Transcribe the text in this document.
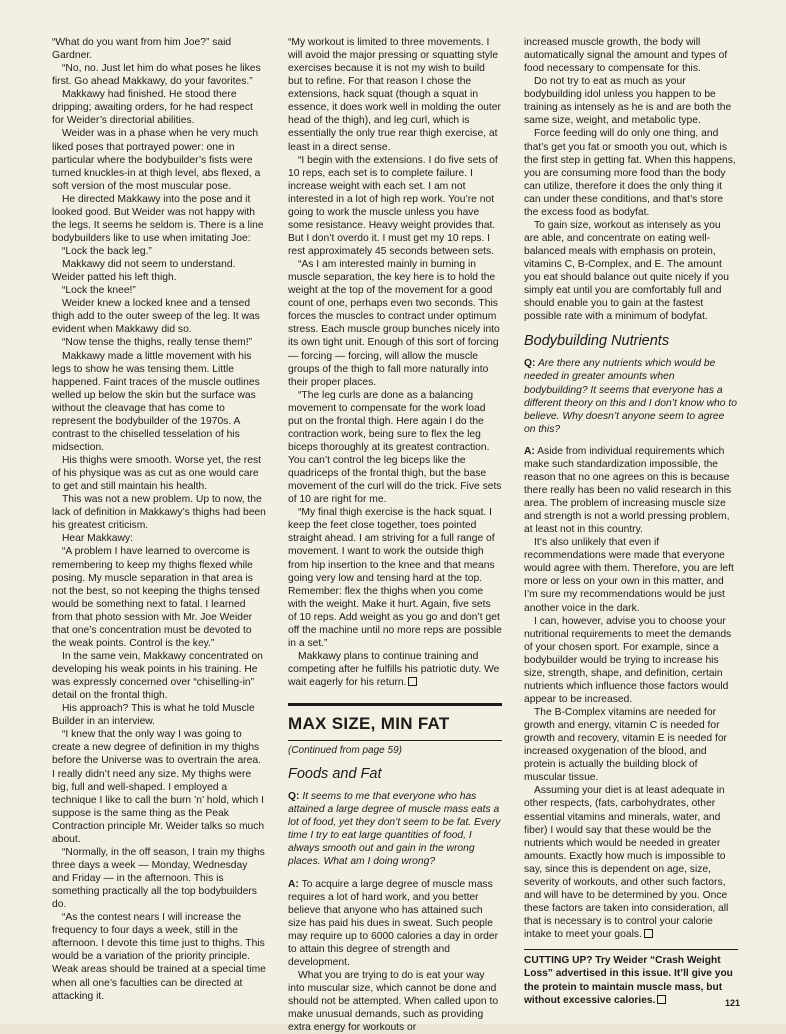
“What do you want from him Joe?” said Gardner.

“No, no. Just let him do what poses he likes first. Go ahead Makkawy, do your favorites.”

Makkawy had finished. He stood there dripping; awaiting orders, for he had respect for Weider’s directorial abilities.

Weider was in a phase when he very much liked poses that portrayed power: one in particular where the bodybuilder’s fists were turned knuckles-in at thigh level, abs flexed, a soft version of the most muscular pose.

He directed Makkawy into the pose and it looked good. But Weider was not happy with the legs. It seems he seldom is. There is a line bodybuilders like to use when imitating Joe:

“Lock the back leg.”

Makkawy did not seem to understand. Weider patted his left thigh.

“Lock the knee!”

Weider knew a locked knee and a tensed thigh add to the outer sweep of the leg. It was evident when Makkawy did so.

“Now tense the thighs, really tense them!”

Makkawy made a little movement with his legs to show he was tensing them. Little happened. Faint traces of the muscle outlines welled up below the skin but the surface was without the cleavage that has come to represent the bodybuilder of the 1970s. A contrast to the chiselled tesselation of his midsection.

His thighs were smooth. Worse yet, the rest of his physique was as cut as one would care to get and still maintain his health.

This was not a new problem. Up to now, the lack of definition in Makkawy’s thighs had been his greatest criticism.

Hear Makkawy:

“A problem I have learned to overcome is remembering to keep my thighs flexed while posing. My muscle separation in that area is not the best, so not keeping the thighs tensed would be something next to fatal. I learned from that photo session with Mr. Joe Weider that one’s concentration must be devoted to the weak points. Control is the key.”

In the same vein, Makkawy concentrated on developing his weak points in his training. He was expressly concerned over “chiselling-in” detail on the frontal thigh.

His approach? This is what he told Muscle Builder in an interview.

“I knew that the only way I was going to create a new degree of definition in my thighs before the Universe was to overtrain the area. I really didn’t need any size. My thighs were big, full and well-shaped. I employed a technique I like to call the burn ’n’ hold, which I suppose is the same thing as the Peak Contraction principle Mr. Weider talks so much about.

“Normally, in the off season, I train my thighs three days a week — Monday, Wednesday and Friday — in the afternoon. This is something practically all the top bodybuilders do.

“As the contest nears I will increase the frequency to four days a week, still in the afternoon. I devote this time just to thighs. This would be a variation of the priority principle. Weak areas should be trained at a special time when all one’s faculties can be directed at attacking it.

“My workout is limited to three movements. I will avoid the major pressing or squatting style exercises because it is not my wish to build but to refine. For that reason I chose the extensions, hack squat (though a squat in essence, it does work well in molding the outer head of the thigh), and leg curl, which is essentially the only true rear thigh exercise, at least in a direct sense.

“I begin with the extensions. I do five sets of 10 reps, each set is to complete failure. I increase weight with each set. I am not interested in a lot of high rep work. You’re not going to work the muscle unless you have some resistance. Heavy weight provides that. But I don’t overdo it. I must get my 10 reps. I rest approximately 45 seconds between sets.

“As I am interested mainly in burning in muscle separation, the key here is to hold the weight at the top of the movement for a good count of one, perhaps even two seconds. This forces the muscles to contract under optimum stress. Each muscle group bunches nicely into its own tight unit. Enough of this sort of forcing — forcing — forcing, will allow the muscle groups of the thigh to fall more naturally into their proper places.

“The leg curls are done as a balancing movement to compensate for the work load put on the frontal thigh. Here again I do the contraction work, being sure to flex the leg biceps thoroughly at its greatest contraction. You can’t control the leg biceps like the quadriceps of the frontal thigh, but the base movement of the curl will do the trick. Five sets of 10 are right for me.

“My final thigh exercise is the hack squat. I keep the feet close together, toes pointed straight ahead. I am striving for a full range of movement. I want to work the outside thigh from hip insertion to the knee and that means going very low and tensing hard at the top. Remember: flex the thighs when you come with the weight. Make it hurt. Again, five sets of 10 reps. Add weight as you go and don’t get off the machine until no more reps are possible in a set.”

Makkawy plans to continue training and competing after he fulfills his patriotic duty. We wait eagerly for his return.

MAX SIZE, MIN FAT
(Continued from page 59)
Foods and Fat

Q: It seems to me that everyone who has attained a large degree of muscle mass eats a lot of food, yet they don’t seem to be fat. Every time I try to eat large quantities of food, I always smooth out and gain in the wrong places. What am I doing wrong?

A: To acquire a large degree of muscle mass requires a lot of hard work, and you better believe that anyone who has attained such size has paid his dues in sweat. Such people may require up to 6000 calories a day in order to attain this degree of strength and development.

What you are trying to do is eat your way into muscular size, which cannot be done and should not be attempted. When called upon to make unusual demands, such as providing extra energy for workouts or

increased muscle growth, the body will automatically signal the amount and types of food necessary to compensate for this.

Do not try to eat as much as your bodybuilding idol unless you happen to be training as intensely as he is and are both the same size, weight, and metabolic type.

Force feeding will do only one thing, and that’s get you fat or smooth you out, which is the first step in getting fat. When this happens, you are consuming more food than the body can utilize, therefore it does the only thing it can under these conditions, and that’s store the excess food as bodyfat.

To gain size, workout as intensely as you are able, and concentrate on eating well-balanced meals with emphasis on protein, vitamins C, B-Complex, and E. The amount you eat should balance out quite nicely if you simply eat until you are comfortably full and should enable you to gain at the fastest possible rate with a minimum of bodyfat.

Bodybuilding Nutrients

Q: Are there any nutrients which would be needed in greater amounts when bodybuilding? It seems that everyone has a different theory on this and I don’t know who to believe. Why doesn’t anyone seem to agree on this?

A: Aside from individual requirements which make such standardization impossible, the reason that no one agrees on this is because there really has been no valid research in this area. The problem of increasing muscle size and strength is not a world pressing problem, at least not in this country.

It’s also unlikely that even if recommendations were made that everyone would agree with them. Therefore, you are left more or less on your own in this matter, and I’m sure my recommendations would be just another voice in the dark.

I can, however, advise you to choose your nutritional requirements to meet the demands of your chosen sport. For example, since a bodybuilder would be trying to increase his size, strength, shape, and definition, certain nutrients which influence those factors would appear to be increased.

The B-Complex vitamins are needed for growth and energy, vitamin C is needed for growth and recovery, vitamin E is needed for increased oxygenation of the blood, and protein is actually the building block of muscular tissue.

Assuming your diet is at least adequate in other respects, (fats, carbohydrates, other essential vitamins and minerals, water, and fiber) I would say that these would be the nutrients which would be needed in greater amounts. Exactly how much is impossible to say, since this is dependent on age, size, severity of workouts, and other such factors, and will have to be determined by you. Once these factors are taken into consideration, all that is necessary is to control your calorie intake to meet your goals.

CUTTING UP? Try Weider “Crash Weight Loss” advertised in this issue. It’ll give you the protein to maintain muscle mass, but without excessive calories.	121
